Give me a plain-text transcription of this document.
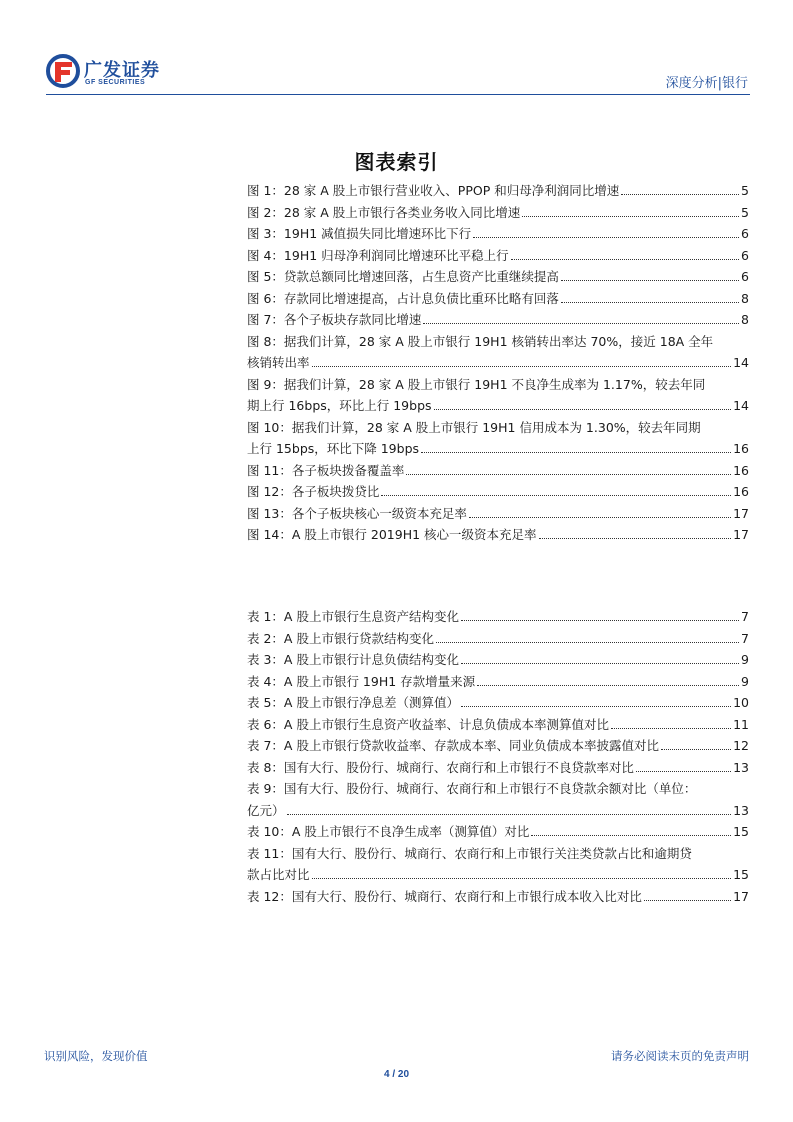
广发证券
GF SECURITIES	深度分析|银行
图表索引
图 1：28 家 A 股上市银行营业收入、PPOP 和归母净利润同比增速	5
图 2：28 家 A 股上市银行各类业务收入同比增速	5
图 3：19H1 减值损失同比增速环比下行	6
图 4：19H1 归母净利润同比增速环比平稳上行	6
图 5：贷款总额同比增速回落，占生息资产比重继续提高	6
图 6：存款同比增速提高，占计息负债比重环比略有回落	8
图 7：各个子板块存款同比增速	8
图 8：据我们计算，28 家 A 股上市银行 19H1 核销转出率达 70%，接近 18A 全年
核销转出率	14
图 9：据我们计算，28 家 A 股上市银行 19H1 不良净生成率为 1.17%，较去年同
期上行 16bps，环比上行 19bps	14
图 10：据我们计算，28 家 A 股上市银行 19H1 信用成本为 1.30%，较去年同期
上行 15bps，环比下降 19bps	16
图 11：各子板块拨备覆盖率	16
图 12：各子板块拨贷比	16
图 13：各个子板块核心一级资本充足率	17
图 14：A 股上市银行 2019H1 核心一级资本充足率	17
表 1：A 股上市银行生息资产结构变化	7
表 2：A 股上市银行贷款结构变化	7
表 3：A 股上市银行计息负债结构变化	9
表 4：A 股上市银行 19H1 存款增量来源	9
表 5：A 股上市银行净息差（测算值）	10
表 6：A 股上市银行生息资产收益率、计息负债成本率测算值对比	11
表 7：A 股上市银行贷款收益率、存款成本率、同业负债成本率披露值对比	12
表 8：国有大行、股份行、城商行、农商行和上市银行不良贷款率对比	13
表 9：国有大行、股份行、城商行、农商行和上市银行不良贷款余额对比（单位：
亿元）	13
表 10：A 股上市银行不良净生成率（测算值）对比	15
表 11：国有大行、股份行、城商行、农商行和上市银行关注类贷款占比和逾期贷
款占比对比	15
表 12：国有大行、股份行、城商行、农商行和上市银行成本收入比对比	17
识别风险，发现价值	请务必阅读末页的免责声明
4 / 20
